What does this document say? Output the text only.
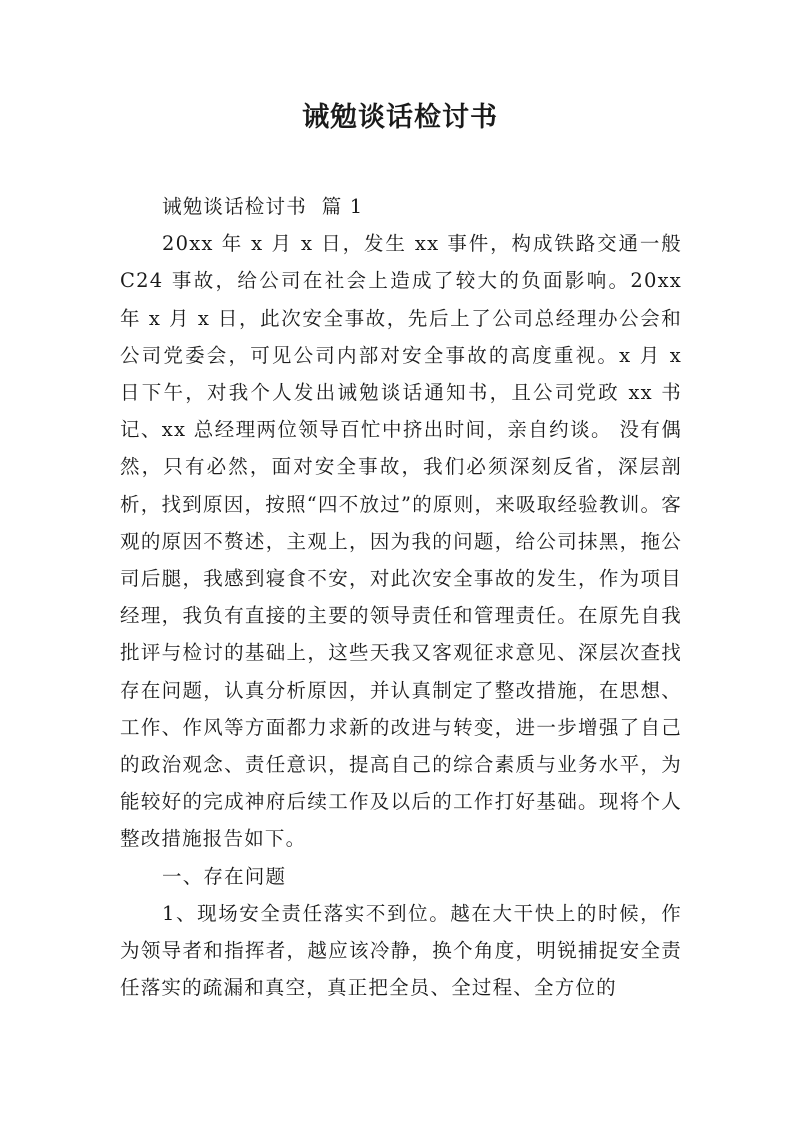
诫勉谈话检讨书

诫勉谈话检讨书  篇 1

20xx 年 x 月 x 日，发生 xx 事件，构成铁路交通一般 C24 事故，给公司在社会上造成了较大的负面影响。20xx 年 x 月 x 日，此次安全事故，先后上了公司总经理办公会和公司党委会，可见公司内部对安全事故的高度重视。x 月 x 日下午，对我个人发出诫勉谈话通知书，且公司党政 xx 书记、xx 总经理两位领导百忙中挤出时间，亲自约谈。 没有偶然，只有必然，面对安全事故，我们必须深刻反省，深层剖析，找到原因，按照“四不放过”的原则，来吸取经验教训。客观的原因不赘述，主观上，因为我的问题，给公司抹黑，拖公司后腿，我感到寝食不安，对此次安全事故的发生，作为项目经理，我负有直接的主要的领导责任和管理责任。在原先自我批评与检讨的基础上，这些天我又客观征求意见、深层次查找存在问题，认真分析原因，并认真制定了整改措施，在思想、工作、作风等方面都力求新的改进与转变，进一步增强了自己的政治观念、责任意识，提高自己的综合素质与业务水平，为能较好的完成神府后续工作及以后的工作打好基础。现将个人整改措施报告如下。

一、存在问题

1、现场安全责任落实不到位。越在大干快上的时候，作为领导者和指挥者，越应该冷静，换个角度，明锐捕捉安全责任落实的疏漏和真空，真正把全员、全过程、全方位的
